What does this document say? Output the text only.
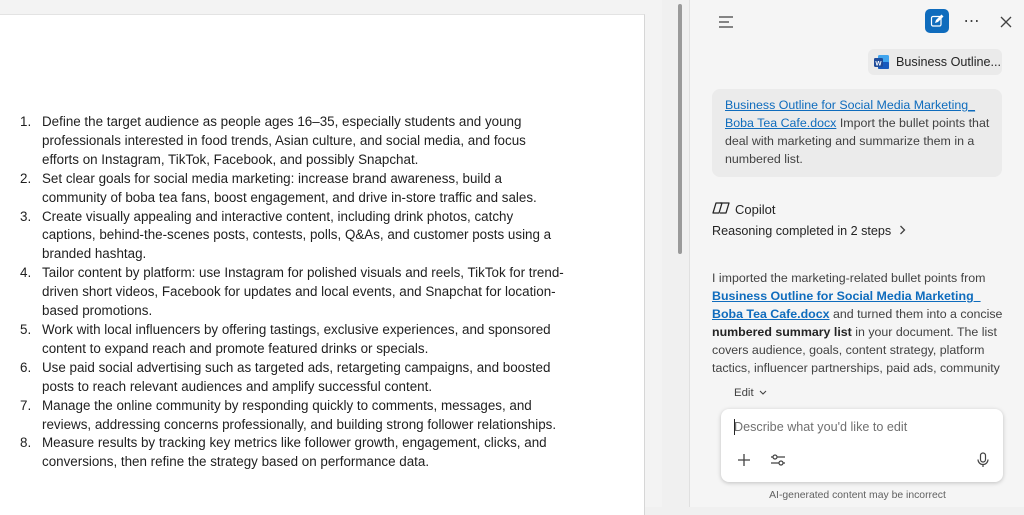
1. Define the target audience as people ages 16–35, especially students and young professionals interested in food trends, Asian culture, and social media, and focus efforts on Instagram, TikTok, Facebook, and possibly Snapchat.
2. Set clear goals for social media marketing: increase brand awareness, build a community of boba tea fans, boost engagement, and drive in-store traffic and sales.
3. Create visually appealing and interactive content, including drink photos, catchy captions, behind-the-scenes posts, contests, polls, Q&As, and customer posts using a branded hashtag.
4. Tailor content by platform: use Instagram for polished visuals and reels, TikTok for trend-driven short videos, Facebook for updates and local events, and Snapchat for location-based promotions.
5. Work with local influencers by offering tastings, exclusive experiences, and sponsored content to expand reach and promote featured drinks or specials.
6. Use paid social advertising such as targeted ads, retargeting campaigns, and boosted posts to reach relevant audiences and amplify successful content.
7. Manage the online community by responding quickly to comments, messages, and reviews, addressing concerns professionally, and building strong follower relationships.
8. Measure results by tracking key metrics like follower growth, engagement, clicks, and conversions, then refine the strategy based on performance data.
⋯
W Business Outline...
Business Outline for Social Media Marketing_ Boba Tea Cafe.docx Import the bullet points that deal with marketing and summarize them in a numbered list.
Copilot
Reasoning completed in 2 steps
I imported the marketing-related bullet points from Business Outline for Social Media Marketing_ Boba Tea Cafe.docx and turned them into a concise numbered summary list in your document. The list covers audience, goals, content strategy, platform tactics, influencer partnerships, paid ads, community
Edit
Describe what you'd like to edit
AI-generated content may be incorrect
